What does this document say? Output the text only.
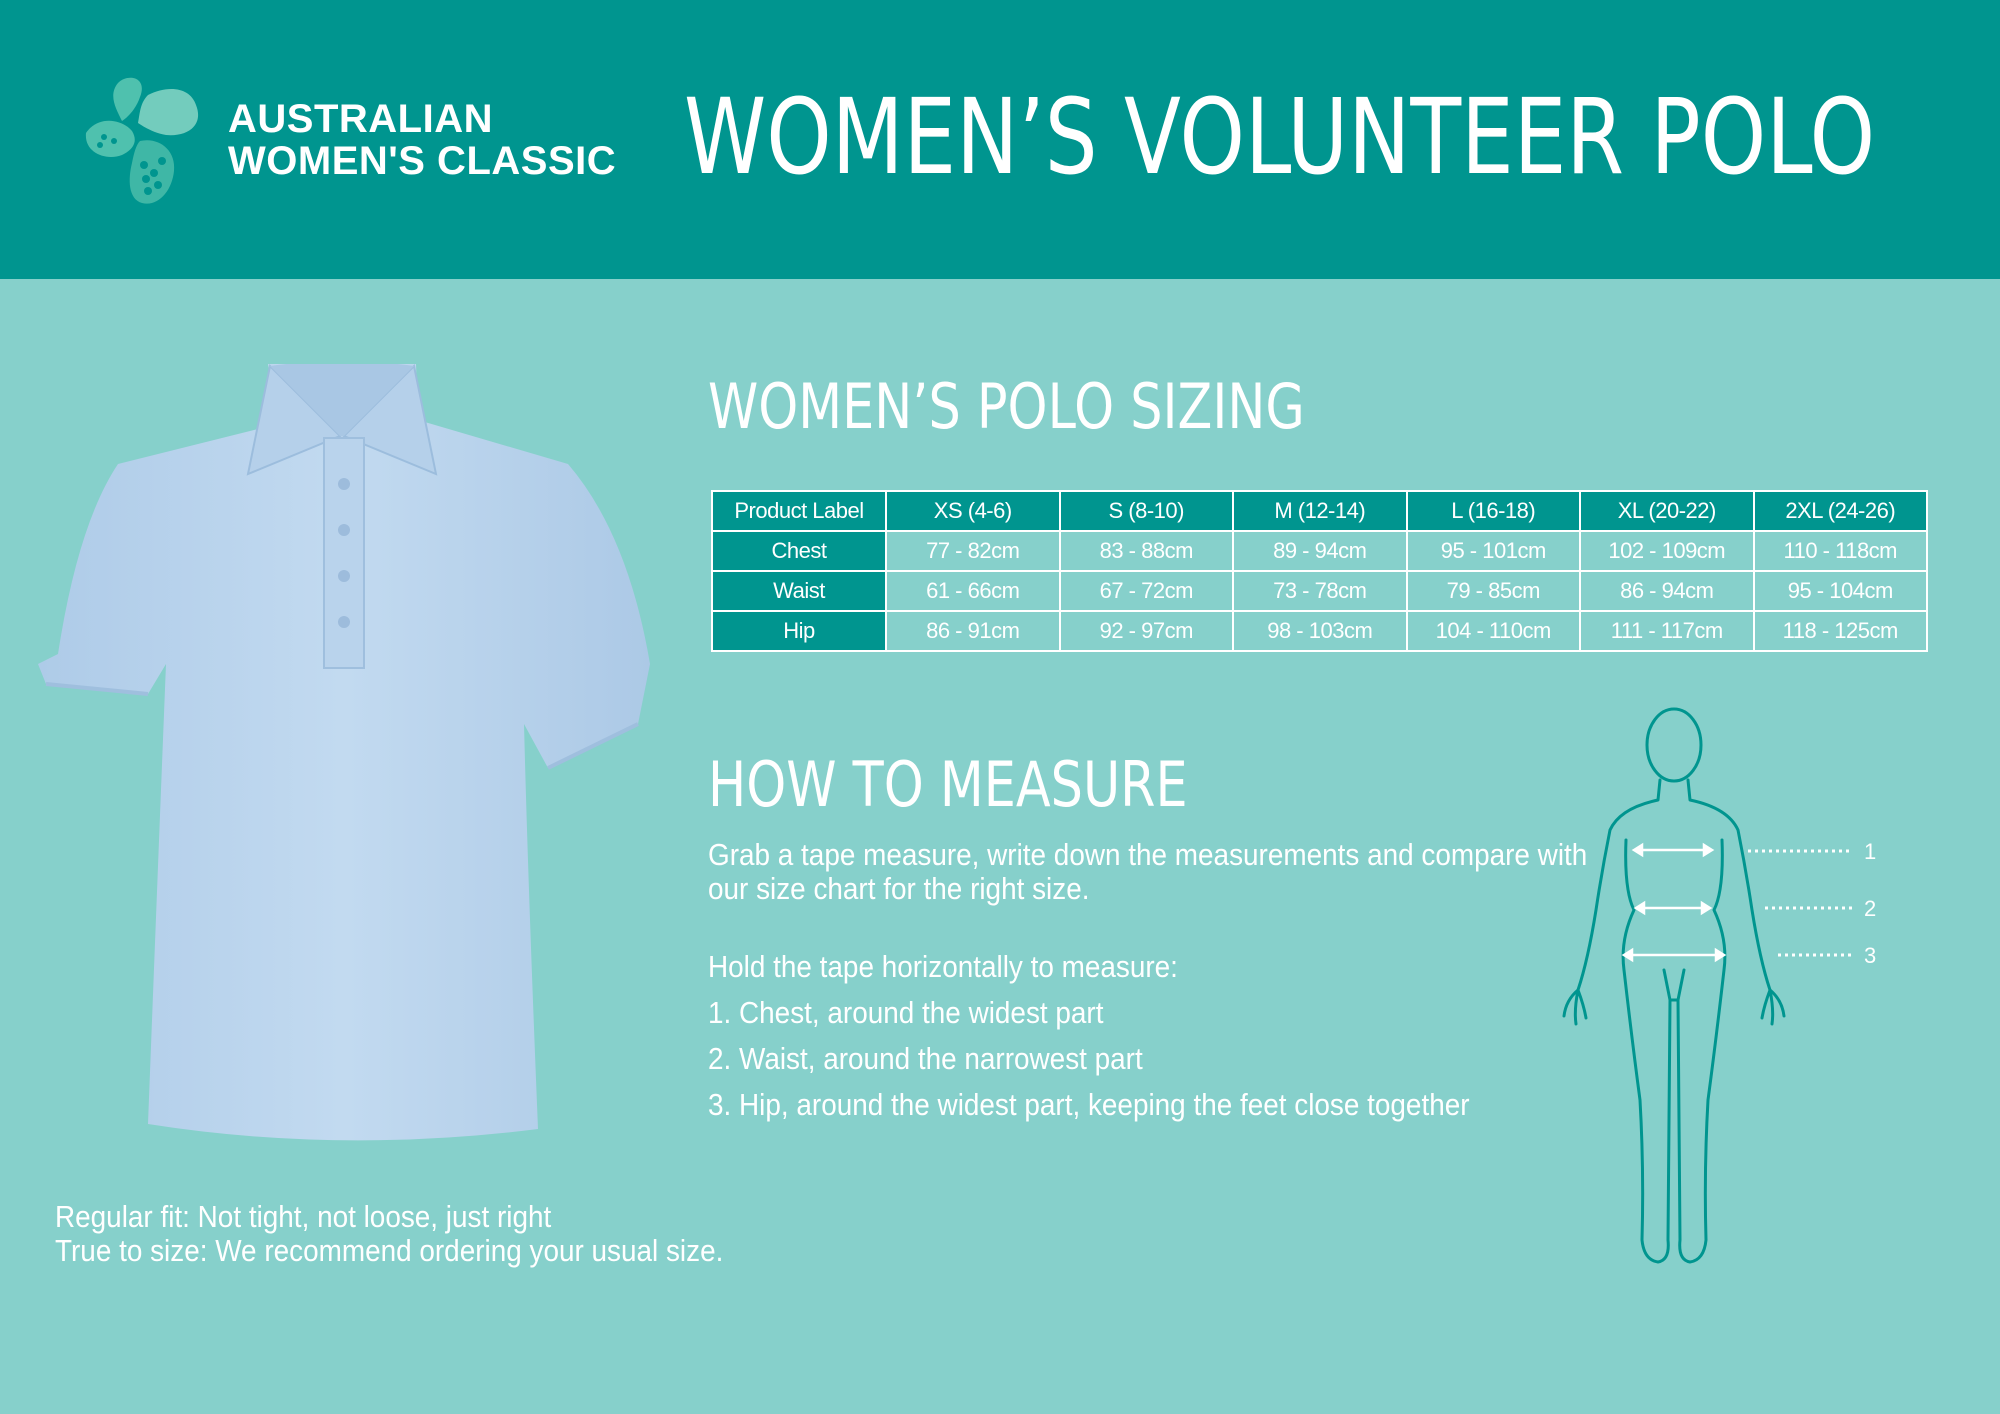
AUSTRALIAN
WOMEN'S CLASSIC WOMEN’S VOLUNTEER POLO
Regular fit: Not tight, not loose, just right
True to size: We recommend ordering your usual size.
WOMEN’S POLO SIZING
Product Label	XS (4-6)	S (8-10)	M (12-14)	L (16-18)	XL (20-22)	2XL (24-26)
Chest	77 - 82cm	83 - 88cm	89 - 94cm	95 - 101cm	102 - 109cm	110 - 118cm
Waist	61 - 66cm	67 - 72cm	73 - 78cm	79 - 85cm	86 - 94cm	95 - 104cm
Hip	86 - 91cm	92 - 97cm	98 - 103cm	104 - 110cm	111 - 117cm	118 - 125cm
HOW TO MEASURE

Grab a tape measure, write down the measurements and compare with

our size chart for the right size.

Hold the tape horizontally to measure:

1. Chest, around the widest part

2. Waist, around the narrowest part

3. Hip, around the widest part, keeping the feet close together

1
2
3
